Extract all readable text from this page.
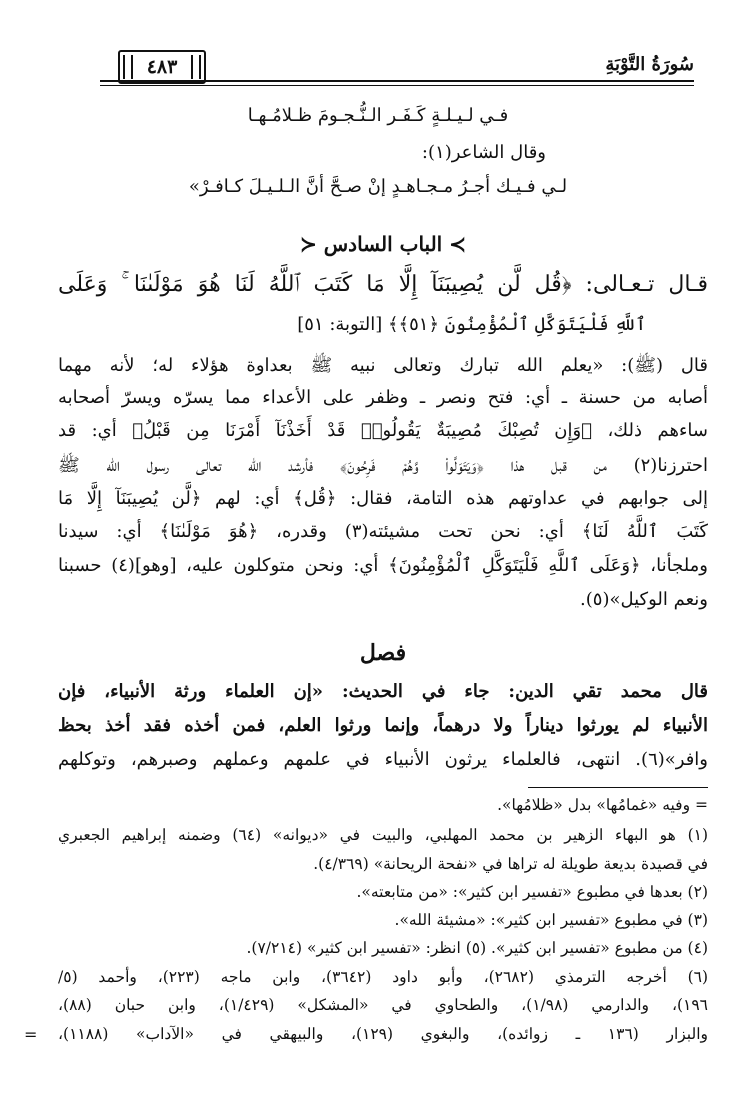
٤٨٣	سُورَةُ التَّوْبَةِ
فـي لـيـلـةٍ كَـفَـر الـنُّـجـومَ ظـلامُـهـا
وقال الشاعر(١):
لـي فـيـك أجـرُ مـجـاهـدٍ إنْ صـحَّ أنَّ الـلـيـلَ كـافـرْ»
≻ الباب السادس ≺
قـال تـعـالى: ﴿قُل لَّن يُصِيبَنَآ إِلَّا مَا كَتَبَ ٱللَّهُ لَنَا هُوَ مَوْلَىٰنَا ۚ وَعَلَى
ٱللَّهِ فَلْيَتَوَكَّلِ ٱلْمُؤْمِنُونَ ﴿٥١﴾﴾ [التوبة: ٥١]
قال (ﷺ): «يعلم الله تبارك وتعالى نبيه ﷺ بعداوة هؤلاء له؛ لأنه مهما
أصابه من حسنة ـ أي: فتح ونصر ـ وظفر على الأعداء مما يسرّه ويسرّ أصحابه
ساءهم ذلك، ﴿وَإِن تُصِبْكَ مُصِيبَةٌ يَقُولُوا۟ قَدْ أَخَذْنَآ أَمْرَنَا مِن قَبْلُ﴾ أي: قد
احترزنا(٢) من قبل هذا ﴿وَيَتَوَلَّوا۟ وَّهُمْ فَرِحُونَ﴾ فأرشد الله تعالى رسول الله ﷺ
إلى جوابهم في عداوتهم هذه التامة، فقال: ﴿قُل﴾ أي: لهم ﴿لَّن يُصِيبَنَآ إِلَّا مَا
كَتَبَ ٱللَّهُ لَنَا﴾ أي: نحن تحت مشيئته(٣) وقدره، ﴿هُوَ مَوْلَىٰنَا﴾ أي: سيدنا
وملجأنا، ﴿وَعَلَى ٱللَّهِ فَلْيَتَوَكَّلِ ٱلْمُؤْمِنُونَ﴾ أي: ونحن متوكلون عليه، [وهو](٤) حسبنا
ونعم الوكيل»(٥).
فصل
قال محمد تقي الدين: جاء في الحديث: «إن العلماء ورثة الأنبياء، فإن
الأنبياء لم يورثوا ديناراً ولا درهماً، وإنما ورثوا العلم، فمن أخذه فقد أخذ بحظ
وافر»(٦). انتهى، فالعلماء يرثون الأنبياء في علمهم وعملهم وصبرهم، وتوكلهم
= وفيه «غمامُها» بدل «ظلامُها».
(١) هو البهاء الزهير بن محمد المهلبي، والبيت في «ديوانه» (٦٤) وضمنه إبراهيم الجعبري
في قصيدة بديعة طويلة له تراها في «نفحة الريحانة» (٤/٣٦٩).
(٢) بعدها في مطبوع «تفسير ابن كثير»: «من متابعته».
(٣) في مطبوع «تفسير ابن كثير»: «مشيئة الله».
(٤) من مطبوع «تفسير ابن كثير». (٥) انظر: «تفسير ابن كثير» (٧/٢١٤).
(٦) أخرجه الترمذي (٢٦٨٢)، وأبو داود (٣٦٤٢)، وابن ماجه (٢٢٣)، وأحمد (٥/
١٩٦)، والدارمي (١/٩٨)، والطحاوي في «المشكل» (١/٤٢٩)، وابن حبان (٨٨)،
والبزار (١٣٦ ـ زوائده)، والبغوي (١٢٩)، والبيهقي في «الآداب» (١١٨٨)،
=
